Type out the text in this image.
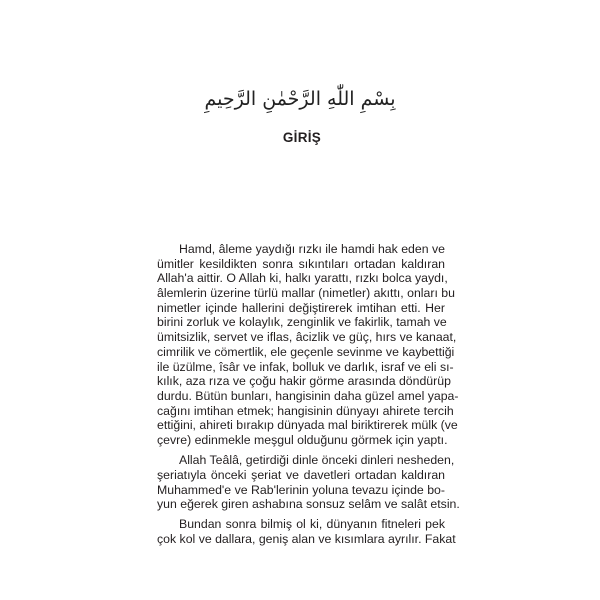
بِسْمِ اللّٰهِ الرَّحْمٰنِ الرَّحِيمِ
GİRİŞ
Hamd, âleme yaydığı rızkı ile hamdi hak eden ve
ümitler kesildikten sonra sıkıntıları ortadan kaldıran
Allah'a aittir. O Allah ki, halkı yarattı, rızkı bolca yaydı,
âlemlerin üzerine türlü mallar (nimetler) akıttı, onları bu
nimetler içinde hallerini değiştirerek imtihan etti. Her
birini zorluk ve kolaylık, zenginlik ve fakirlik, tamah ve
ümitsizlik, servet ve iflas, âcizlik ve güç, hırs ve kanaat,
cimrilik ve cömertlik, ele geçenle sevinme ve kaybettiği
ile üzülme, îsâr ve infak, bolluk ve darlık, israf ve eli sı-
kılık, aza rıza ve çoğu hakir görme arasında döndürüp
durdu. Bütün bunları, hangisinin daha güzel amel yapa-
cağını imtihan etmek; hangisinin dünyayı ahirete tercih
ettiğini, ahireti bırakıp dünyada mal biriktirerek mülk (ve
çevre) edinmekle meşgul olduğunu görmek için yaptı.
Allah Teâlâ, getirdiği dinle önceki dinleri nesheden,
şeriatıyla önceki şeriat ve davetleri ortadan kaldıran
Muhammed'e ve Rab'lerinin yoluna tevazu içinde bo-
yun eğerek giren ashabına sonsuz selâm ve salât etsin.
Bundan sonra bilmiş ol ki, dünyanın fitneleri pek
çok kol ve dallara, geniş alan ve kısımlara ayrılır. Fakat
